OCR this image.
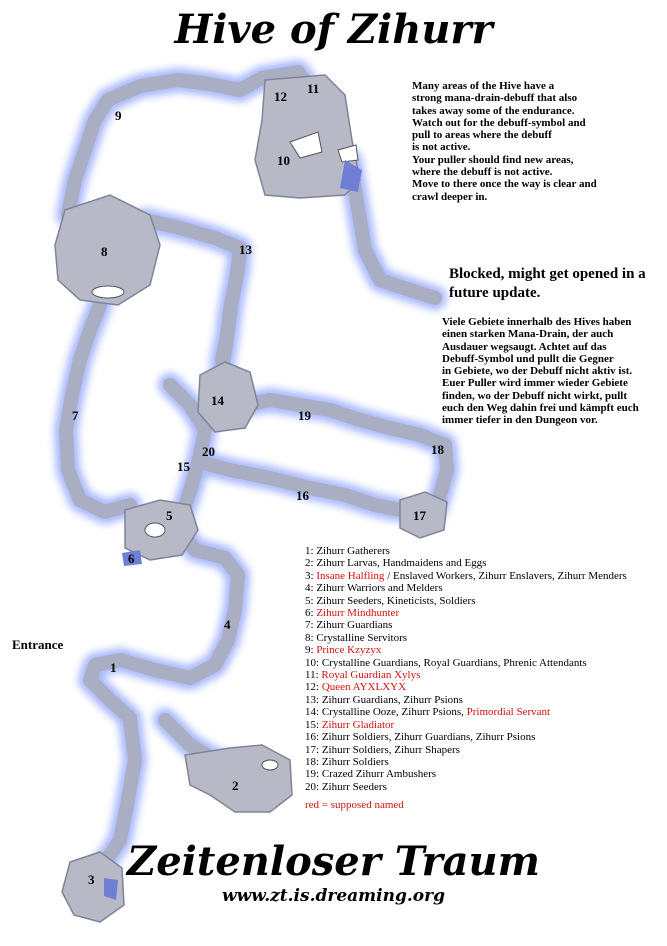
Hive of Zihurr

Many areas of the Hive have a
strong mana-drain-debuff that also
takes away some of the endurance.
Watch out for the debuff-symbol and
pull to areas where the debuff
is not active.
Your puller should find new areas,
where the debuff is not active.
Move to there once the way is clear and
crawl deeper in.

Blocked, might get opened in a
future update.

Viele Gebiete innerhalb des Hives haben
einen starken Mana-Drain, der auch
Ausdauer wegsaugt. Achtet auf das
Debuff-Symbol und pullt die Gegner
in Gebiete, wo der Debuff nicht aktiv ist.
Euer Puller wird immer wieder Gebiete
finden, wo der Debuff nicht wirkt, pullt
euch den Weg dahin frei und kämpft euch
immer tiefer in den Dungeon vor.

Entrance
1
2
3
4
5
6
7
8
9
10
11
12
13
14
15
16
17
18
19
20
1: Zihurr Gatherers
2: Zihurr Larvas, Handmaidens and Eggs
3: Insane Halfling / Enslaved Workers, Zihurr Enslavers, Zihurr Menders
4: Zihurr Warriors and Melders
5: Zihurr Seeders, Kineticists, Soldiers
6: Zihurr Mindhunter
7: Zihurr Guardians
8: Crystalline Servitors
9: Prince Kzyzyx
10: Crystalline Guardians, Royal Guardians, Phrenic Attendants
11: Royal Guardian Xylys
12: Queen AYXLXYX
13: Zihurr Guardians, Zihurr Psions
14: Crystalline Ooze, Zihurr Psions, Primordial Servant
15: Zihurr Gladiator
16: Zihurr Soldiers, Zihurr Guardians, Zihurr Psions
17: Zihurr Soldiers, Zihurr Shapers
18: Zihurr Soldiers
19: Crazed Zihurr Ambushers
20: Zihurr Seeders
red = supposed named
Zeitenloser Traum

www.zt.is.dreaming.org
